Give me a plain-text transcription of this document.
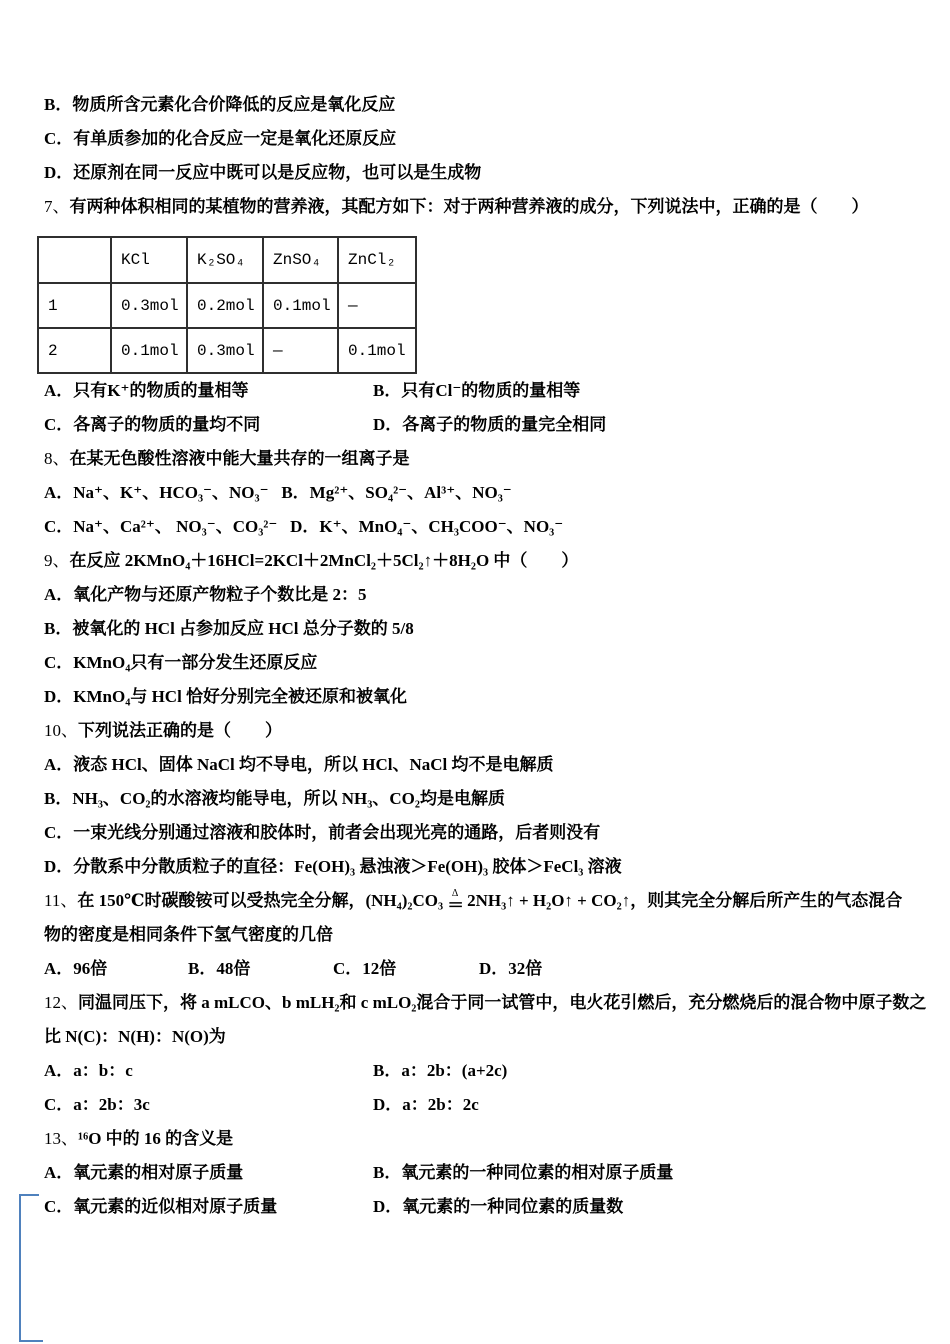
B．物质所含元素化合价降低的反应是氧化反应
C．有单质参加的化合反应一定是氧化还原反应
D．还原剂在同一反应中既可以是反应物，也可以是生成物
7、有两种体积相同的某植物的营养液，其配方如下：对于两种营养液的成分，下列说法中，正确的是（　　）
	KCl	K₂SO₄	ZnSO₄	ZnCl₂
1	0.3mol	0.2mol	0.1mol	—
2	0.1mol	0.3mol	—	0.1mol
A．只有K⁺的物质的量相等	B．只有Cl⁻的物质的量相等
C．各离子的物质的量均不同	D．各离子的物质的量完全相同
8、在某无色酸性溶液中能大量共存的一组离子是
A．Na⁺、K⁺、HCO₃⁻、NO₃⁻   B．Mg²⁺、SO₄²⁻、Al³⁺、NO₃⁻
C．Na⁺、Ca²⁺、 NO₃⁻、CO₃²⁻   D．K⁺、MnO₄⁻、CH₃COO⁻、NO₃⁻
9、在反应 2KMnO₄＋16HCl=2KCl＋2MnCl₂＋5Cl₂↑＋8H₂O 中（　　）
A．氧化产物与还原产物粒子个数比是 2：5
B．被氧化的 HCl 占参加反应 HCl 总分子数的 5/8
C．KMnO₄只有一部分发生还原反应
D．KMnO₄与 HCl 恰好分别完全被还原和被氧化
10、下列说法正确的是（　　）
A．液态 HCl、固体 NaCl 均不导电，所以 HCl、NaCl 均不是电解质
B．NH₃、CO₂的水溶液均能导电，所以 NH₃、CO₂均是电解质
C．一束光线分别通过溶液和胶体时，前者会出现光亮的通路，后者则没有
D．分散系中分散质粒子的直径：Fe(OH)₃ 悬浊液＞Fe(OH)₃ 胶体＞FeCl₃ 溶液
11、在 150℃时碳酸铵可以受热完全分解，(NH₄)₂CO₃ Δ
＝ 2NH₃↑ + H₂O↑ + CO₂↑，则其完全分解后所产生的气态混合
物的密度是相同条件下氢气密度的几倍
A．96倍	B．48倍	C．12倍	D．32倍
12、同温同压下，将 a mLCO、b mLH₂和 c mLO₂混合于同一试管中，电火花引燃后，充分燃烧后的混合物中原子数之
比 N(C)：N(H)：N(O)为
A．a：b：c	B．a：2b：(a+2c)
C．a：2b：3c	D．a：2b：2c
13、¹⁶O 中的 16 的含义是
A．氧元素的相对原子质量	B．氧元素的一种同位素的相对原子质量
C．氧元素的近似相对原子质量	D．氧元素的一种同位素的质量数
